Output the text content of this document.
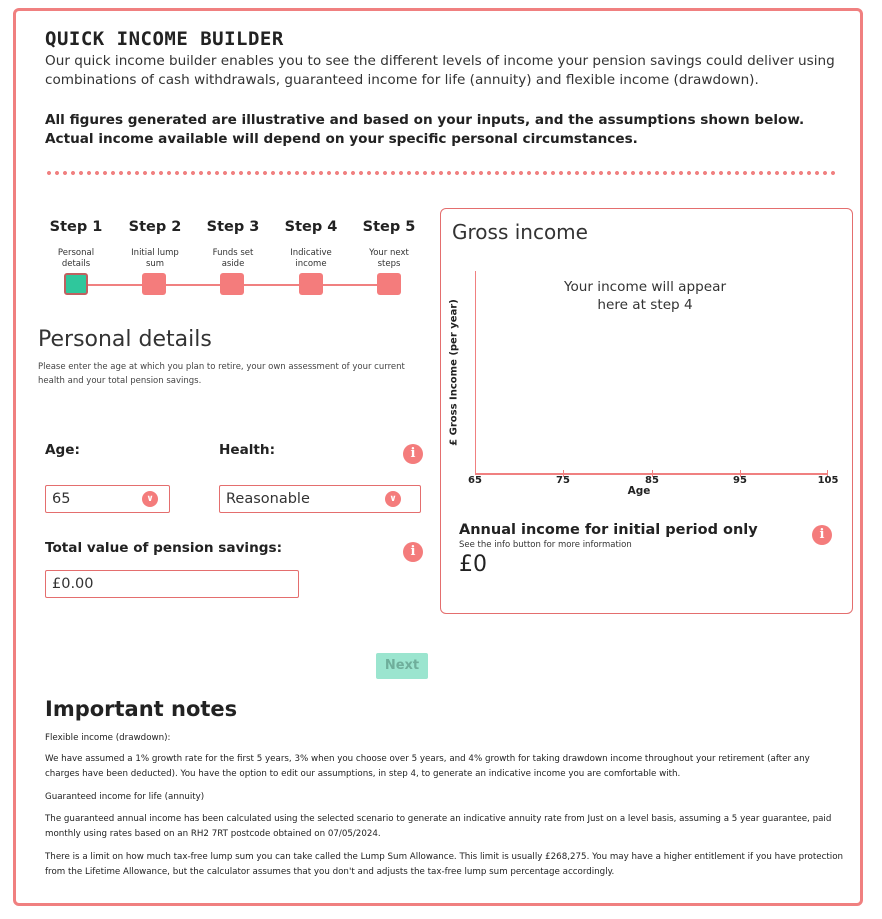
QUICK INCOME BUILDER
Our quick income builder enables you to see the different levels of income your pension savings could deliver using combinations of cash withdrawals, guaranteed income for life (annuity) and flexible income (drawdown).
All figures generated are illustrative and based on your inputs, and the assumptions shown below. Actual income available will depend on your specific personal circumstances.
Step 1	Step 2	Step 3	Step 4	Step 5
Personal details
Initial lump sum
Funds set aside
Indicative income
Your next steps
Personal details
Please enter the age at which you plan to retire, your own assessment of your current health and your total pension savings.
Age:	Health:	i
65	∨	Reasonable	∨
Total value of pension savings:	i
£0.00
Next
Gross income
65	75	85	95	105
Age
£ Gross Income (per year)
Your income will appear
here at step 4
Annual income for initial period only
See the info button for more information
£0
i
Important notes
Flexible income (drawdown):
We have assumed a 1% growth rate for the first 5 years, 3% when you choose over 5 years, and 4% growth for taking drawdown income throughout your retirement (after any charges have been deducted). You have the option to edit our assumptions, in step 4, to generate an indicative income you are comfortable with.
Guaranteed income for life (annuity)
The guaranteed annual income has been calculated using the selected scenario to generate an indicative annuity rate from Just on a level basis, assuming a 5 year guarantee, paid monthly using rates based on an RH2 7RT postcode obtained on 07/05/2024.
There is a limit on how much tax-free lump sum you can take called the Lump Sum Allowance. This limit is usually £268,275. You may have a higher entitlement if you have protection from the Lifetime Allowance, but the calculator assumes that you don't and adjusts the tax-free lump sum percentage accordingly.
